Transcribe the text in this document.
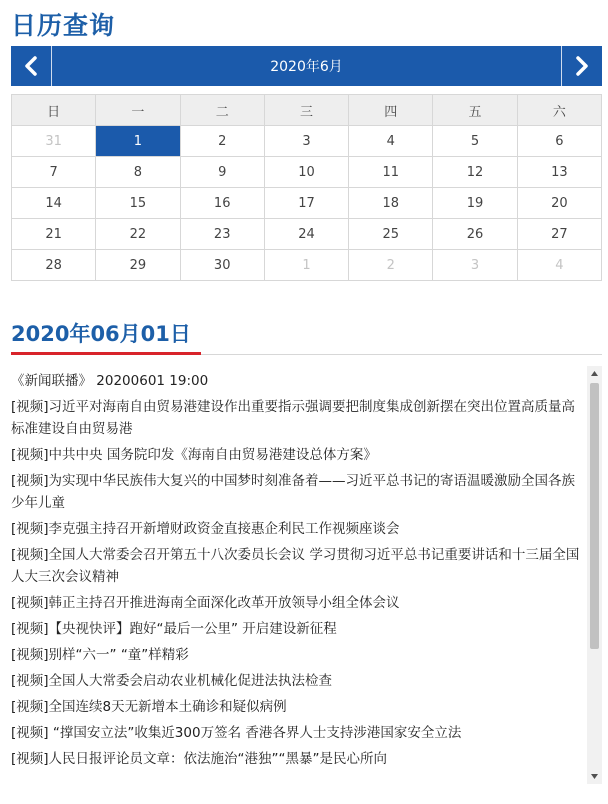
日历查询
2020年6月
日	一	二	三	四	五	六
31	1	2	3	4	5	6
7	8	9	10	11	12	13
14	15	16	17	18	19	20
21	22	23	24	25	26	27
28	29	30	1	2	3	4
2020年06月01日
《新闻联播》 20200601 19:00
[视频]习近平对海南自由贸易港建设作出重要指示强调要把制度集成创新摆在突出位置高质量高标准建设自由贸易港
[视频]中共中央 国务院印发《海南自由贸易港建设总体方案》
[视频]为实现中华民族伟大复兴的中国梦时刻准备着——习近平总书记的寄语温暖激励全国各族少年儿童
[视频]李克强主持召开新增财政资金直接惠企利民工作视频座谈会
[视频]全国人大常委会召开第五十八次委员长会议 学习贯彻习近平总书记重要讲话和十三届全国人大三次会议精神
[视频]韩正主持召开推进海南全面深化改革开放领导小组全体会议
[视频]【央视快评】跑好“最后一公里” 开启建设新征程
[视频]别样“六一” “童”样精彩
[视频]全国人大常委会启动农业机械化促进法执法检查
[视频]全国连续8天无新增本土确诊和疑似病例
[视频] “撑国安立法”收集近300万签名 香港各界人士支持涉港国家安全立法
[视频]人民日报评论员文章：依法施治“港独”“黑暴”是民心所向
